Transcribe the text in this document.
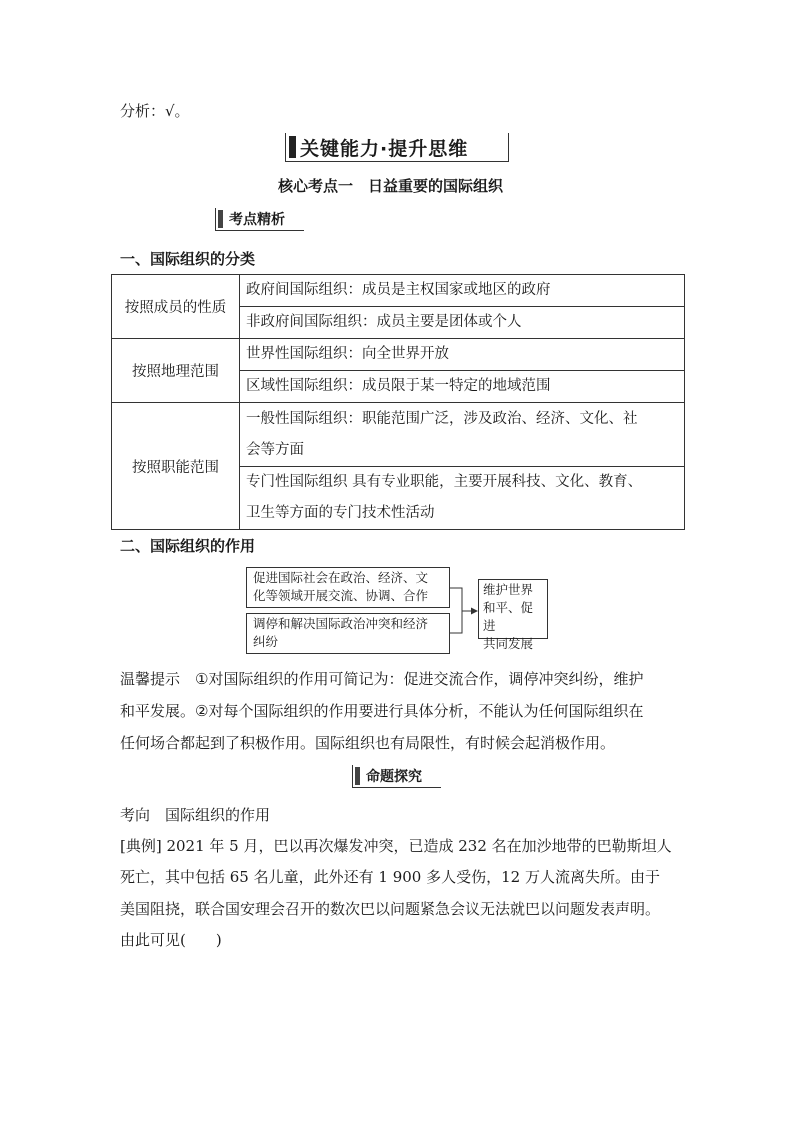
分析：√。
关键能力·提升思维
核心考点一　日益重要的国际组织
考点精析
一、国际组织的分类
按照成员的性质	政府间国际组织：成员是主权国家或地区的政府
	非政府间国际组织：成员主要是团体或个人
按照地理范围	世界性国际组织：向全世界开放
	区域性国际组织：成员限于某一特定的地域范围
按照职能范围	一般性国际组织：职能范围广泛，涉及政治、经济、文化、社
会等方面

	专门性国际组织 具有专业职能，主要开展科技、文化、教育、
卫生等方面的专门技术性活动
二、国际组织的作用
促进国际社会在政治、经济、文
化等领域开展交流、协调、合作
调停和解决国际政治冲突和经济
纠纷
维护世界
和平、促进
共同发展
温馨提示　①对国际组织的作用可简记为：促进交流合作，调停冲突纠纷，维护
和平发展。②对每个国际组织的作用要进行具体分析，不能认为任何国际组织在
任何场合都起到了积极作用。国际组织也有局限性，有时候会起消极作用。
命题探究
考向　国际组织的作用
[典例] 2021 年 5 月，巴以再次爆发冲突，已造成 232 名在加沙地带的巴勒斯坦人
死亡，其中包括 65 名儿童，此外还有 1 900 多人受伤，12 万人流离失所。由于
美国阻挠，联合国安理会召开的数次巴以问题紧急会议无法就巴以问题发表声明。
由此可见(　　)
